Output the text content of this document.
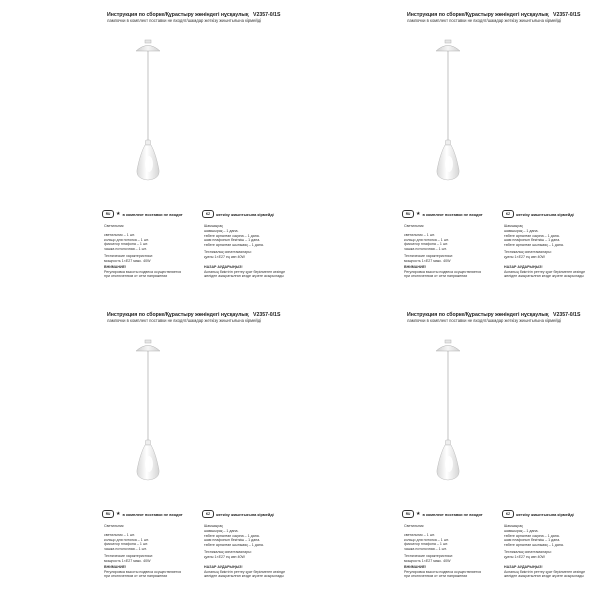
Инструкция по сборке/Құрастыру жөніндегі нұсқаулық V2357-0/1S
лампочки в комплект поставки не входят/шамдар жеткізу жиынтығына кірмейді
RU	★ в комплект поставки не входят	KZ	жеткізу жиынтығына кірмейді
Светильник	Шамшырақ
светильник – 1 шт.
кольцо для потолка – 1 шт.
фиксатор плафона – 1 шт.
чашка потолочная – 1 шт.
шамшырақ – 1 дана.
төбеге арналған сақина – 1 дана.
шам плафонын бекіткіш – 1 дана.
төбеге арналған шыныаяқ – 1 дана.
Технические характеристики:
мощность 1×E27 макс. 40W
Техникалық сипаттамалары:
қуаты 1×E27 ең көп 40W
ВНИМАНИЕ!
Регулировка высоты подвеса осуществляется
при отключенном от сети напряжении
НАЗАР АУДАРЫҢЫЗ!
Аспаның биіктігін реттеу қуат берілмеген кезінде
желіден ажыратылған кезде жүзеге асырылады
Инструкция по сборке/Құрастыру жөніндегі нұсқаулық V2357-0/1S
лампочки в комплект поставки не входят/шамдар жеткізу жиынтығына кірмейді
RU	★ в комплект поставки не входят	KZ	жеткізу жиынтығына кірмейді
Светильник	Шамшырақ
светильник – 1 шт.
кольцо для потолка – 1 шт.
фиксатор плафона – 1 шт.
чашка потолочная – 1 шт.
шамшырақ – 1 дана.
төбеге арналған сақина – 1 дана.
шам плафонын бекіткіш – 1 дана.
төбеге арналған шыныаяқ – 1 дана.
Технические характеристики:
мощность 1×E27 макс. 40W
Техникалық сипаттамалары:
қуаты 1×E27 ең көп 40W
ВНИМАНИЕ!
Регулировка высоты подвеса осуществляется
при отключенном от сети напряжении
НАЗАР АУДАРЫҢЫЗ!
Аспаның биіктігін реттеу қуат берілмеген кезінде
желіден ажыратылған кезде жүзеге асырылады
Инструкция по сборке/Құрастыру жөніндегі нұсқаулық V2357-0/1S
лампочки в комплект поставки не входят/шамдар жеткізу жиынтығына кірмейді
RU	★ в комплект поставки не входят	KZ	жеткізу жиынтығына кірмейді
Светильник	Шамшырақ
светильник – 1 шт.
кольцо для потолка – 1 шт.
фиксатор плафона – 1 шт.
чашка потолочная – 1 шт.
шамшырақ – 1 дана.
төбеге арналған сақина – 1 дана.
шам плафонын бекіткіш – 1 дана.
төбеге арналған шыныаяқ – 1 дана.
Технические характеристики:
мощность 1×E27 макс. 40W
Техникалық сипаттамалары:
қуаты 1×E27 ең көп 40W
ВНИМАНИЕ!
Регулировка высоты подвеса осуществляется
при отключенном от сети напряжении
НАЗАР АУДАРЫҢЫЗ!
Аспаның биіктігін реттеу қуат берілмеген кезінде
желіден ажыратылған кезде жүзеге асырылады
Инструкция по сборке/Құрастыру жөніндегі нұсқаулық V2357-0/1S
лампочки в комплект поставки не входят/шамдар жеткізу жиынтығына кірмейді
RU	★ в комплект поставки не входят	KZ	жеткізу жиынтығына кірмейді
Светильник	Шамшырақ
светильник – 1 шт.
кольцо для потолка – 1 шт.
фиксатор плафона – 1 шт.
чашка потолочная – 1 шт.
шамшырақ – 1 дана.
төбеге арналған сақина – 1 дана.
шам плафонын бекіткіш – 1 дана.
төбеге арналған шыныаяқ – 1 дана.
Технические характеристики:
мощность 1×E27 макс. 40W
Техникалық сипаттамалары:
қуаты 1×E27 ең көп 40W
ВНИМАНИЕ!
Регулировка высоты подвеса осуществляется
при отключенном от сети напряжении
НАЗАР АУДАРЫҢЫЗ!
Аспаның биіктігін реттеу қуат берілмеген кезінде
желіден ажыратылған кезде жүзеге асырылады
